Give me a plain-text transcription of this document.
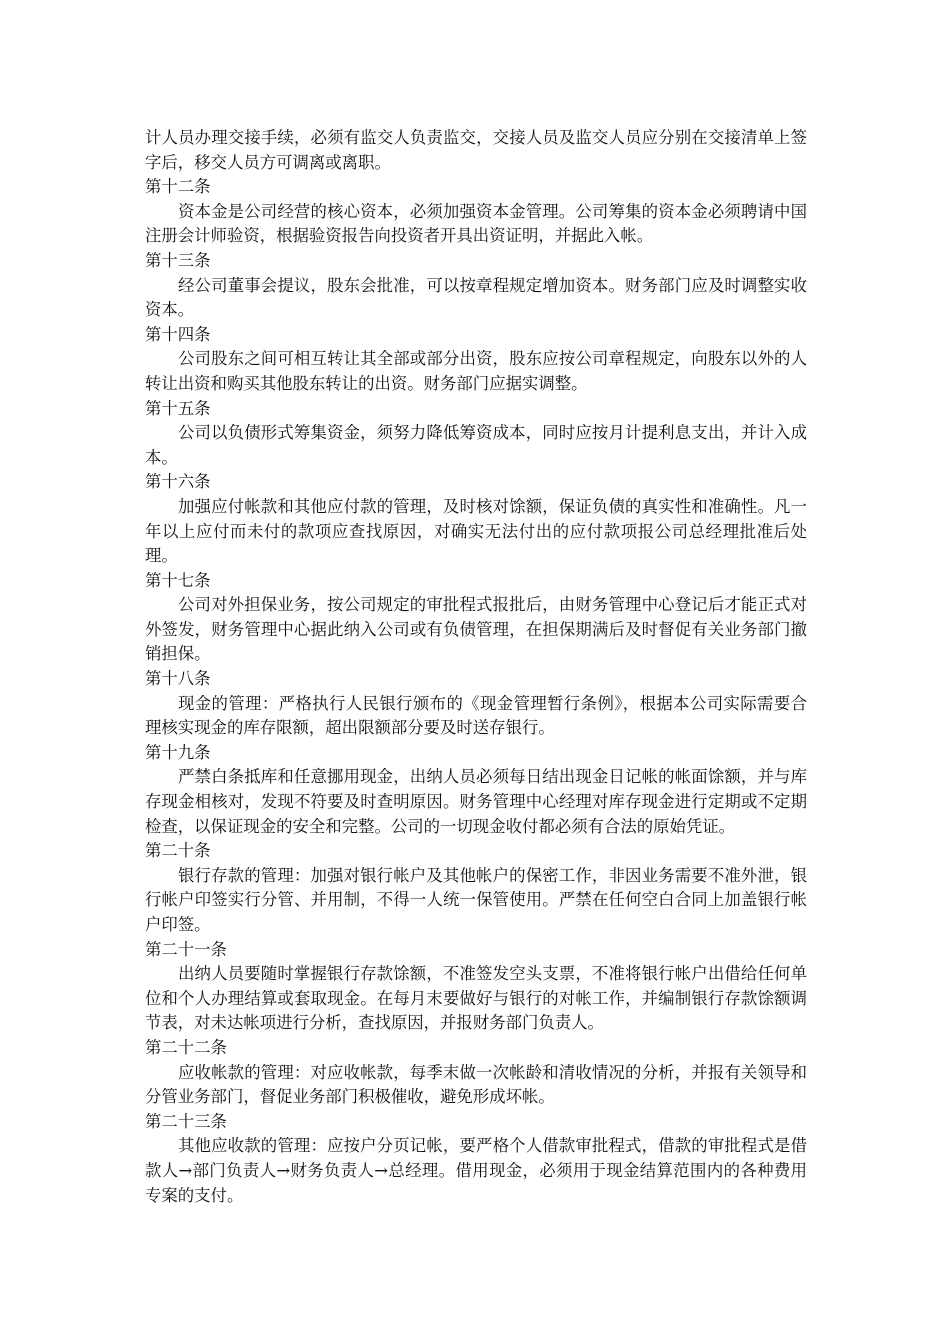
计人员办理交接手续，必须有监交人负责监交，交接人员及监交人员应分别在交接清单上签字后，移交人员方可调离或离职。

第十二条

资本金是公司经营的核心资本，必须加强资本金管理。公司筹集的资本金必须聘请中国注册会计师验资，根据验资报告向投资者开具出资证明，并据此入帐。

第十三条

经公司董事会提议，股东会批准，可以按章程规定增加资本。财务部门应及时调整实收资本。

第十四条

公司股东之间可相互转让其全部或部分出资，股东应按公司章程规定，向股东以外的人转让出资和购买其他股东转让的出资。财务部门应据实调整。

第十五条

公司以负债形式筹集资金，须努力降低筹资成本，同时应按月计提利息支出，并计入成本。

第十六条

加强应付帐款和其他应付款的管理，及时核对馀额，保证负债的真实性和准确性。凡一年以上应付而未付的款项应查找原因，对确实无法付出的应付款项报公司总经理批准后处理。

第十七条

公司对外担保业务，按公司规定的审批程式报批后，由财务管理中心登记后才能正式对外签发，财务管理中心据此纳入公司或有负债管理，在担保期满后及时督促有关业务部门撤销担保。

第十八条

现金的管理：严格执行人民银行颁布的《现金管理暂行条例》，根据本公司实际需要合理核实现金的库存限额，超出限额部分要及时送存银行。

第十九条

严禁白条抵库和任意挪用现金，出纳人员必须每日结出现金日记帐的帐面馀额，并与库存现金相核对，发现不符要及时查明原因。财务管理中心经理对库存现金进行定期或不定期检查，以保证现金的安全和完整。公司的一切现金收付都必须有合法的原始凭证。

第二十条

银行存款的管理：加强对银行帐户及其他帐户的保密工作，非因业务需要不准外泄，银行帐户印签实行分管、并用制，不得一人统一保管使用。严禁在任何空白合同上加盖银行帐户印签。

第二十一条

出纳人员要随时掌握银行存款馀额，不准签发空头支票，不准将银行帐户出借给任何单位和个人办理结算或套取现金。在每月末要做好与银行的对帐工作，并编制银行存款馀额调节表，对未达帐项进行分析，查找原因，并报财务部门负责人。

第二十二条

应收帐款的管理：对应收帐款，每季末做一次帐龄和清收情况的分析，并报有关领导和分管业务部门，督促业务部门积极催收，避免形成坏帐。

第二十三条

其他应收款的管理：应按户分页记帐，要严格个人借款审批程式，借款的审批程式是借款人→部门负责人→财务负责人→总经理。借用现金，必须用于现金结算范围内的各种费用专案的支付。
